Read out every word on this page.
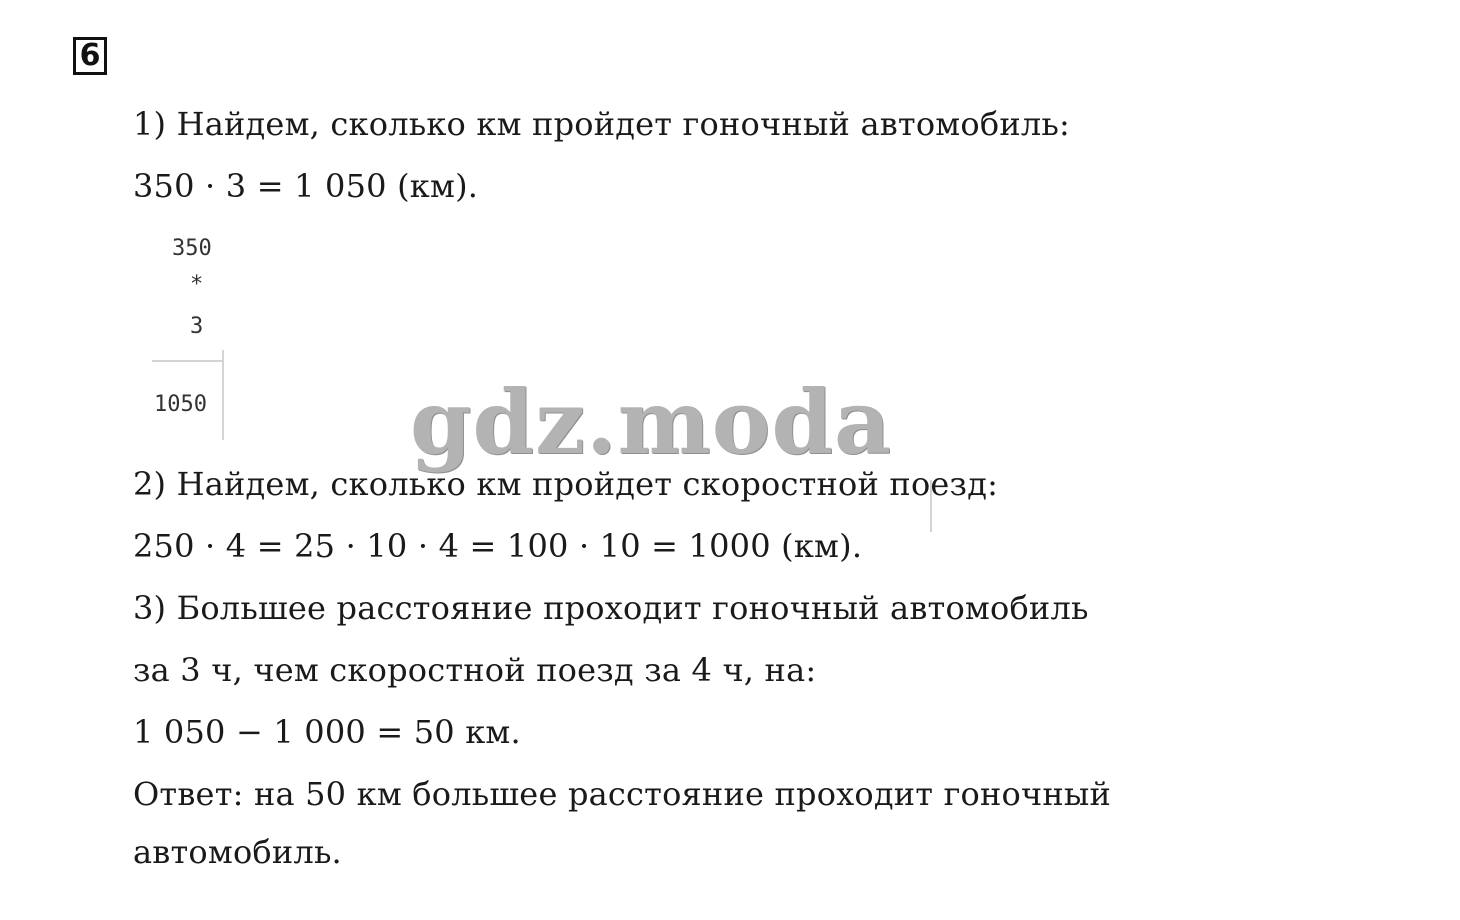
6
1) Найдем, сколько км пройдет гоночный автомобиль:
350 · 3 = 1 050 (км).
350
*
3
1050 gdz.moda
2) Найдем, сколько км пройдет скоростной поезд:
250 · 4 = 25 · 10 · 4 = 100 · 10 = 1000 (км).
3) Большее расстояние проходит гоночный автомобиль
за 3 ч, чем скоростной поезд за 4 ч, на:
1 050 − 1 000 = 50 км.
Ответ: на 50 км большее расстояние проходит гоночный
автомобиль.
